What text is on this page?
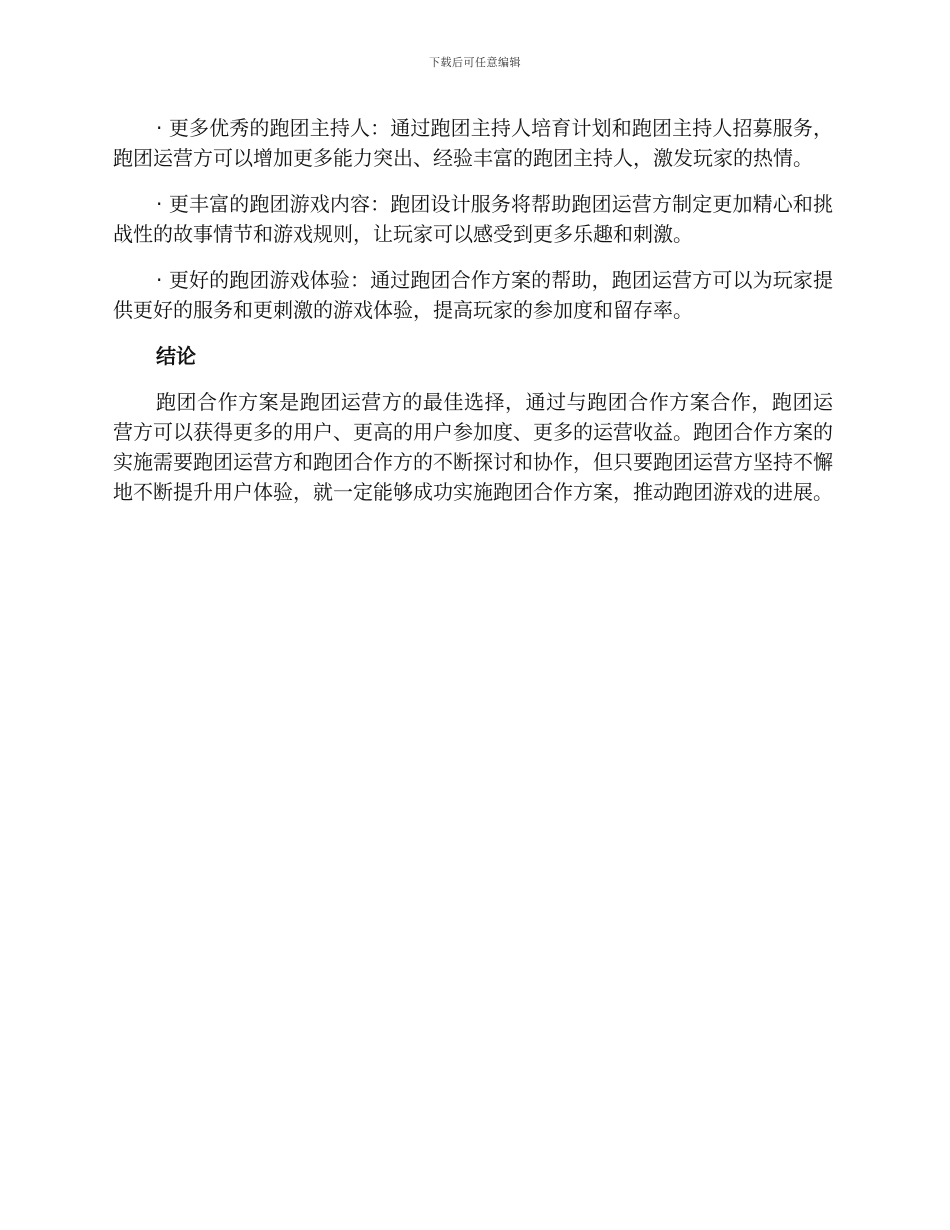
下载后可任意编辑

· 更多优秀的跑团主持人：通过跑团主持人培育计划和跑团主持人招募服务，跑团运营方可以增加更多能力突出、经验丰富的跑团主持人，激发玩家的热情。

· 更丰富的跑团游戏内容：跑团设计服务将帮助跑团运营方制定更加精心和挑战性的故事情节和游戏规则，让玩家可以感受到更多乐趣和刺激。

· 更好的跑团游戏体验：通过跑团合作方案的帮助，跑团运营方可以为玩家提供更好的服务和更刺激的游戏体验，提高玩家的参加度和留存率。

结论

跑团合作方案是跑团运营方的最佳选择，通过与跑团合作方案合作，跑团运营方可以获得更多的用户、更高的用户参加度、更多的运营收益。跑团合作方案的实施需要跑团运营方和跑团合作方的不断探讨和协作，但只要跑团运营方坚持不懈地不断提升用户体验，就一定能够成功实施跑团合作方案，推动跑团游戏的进展。
